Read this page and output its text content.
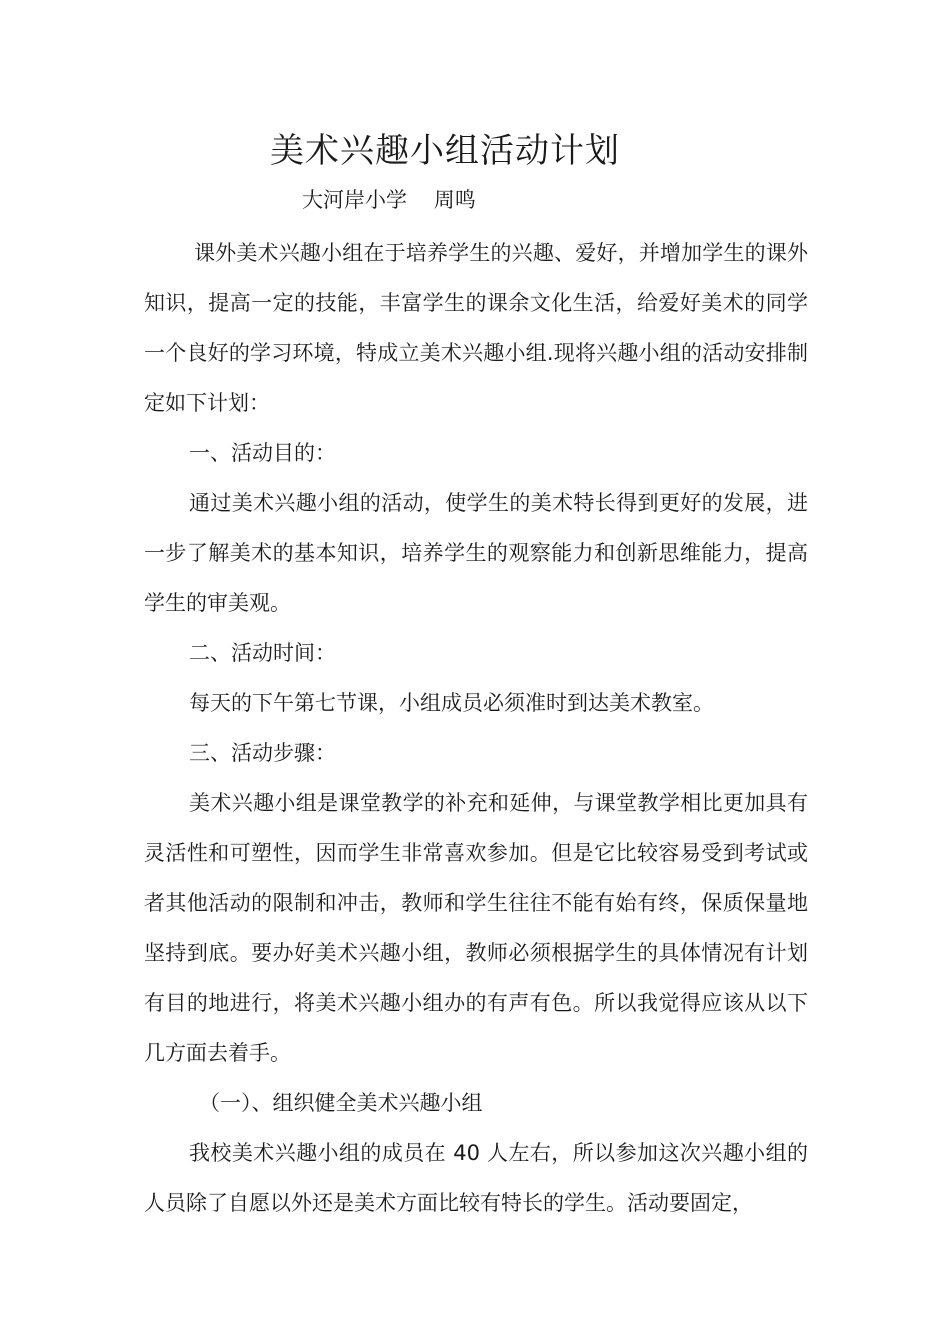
美术兴趣小组活动计划
大河岸小学    周鸣

课外美术兴趣小组在于培养学生的兴趣、爱好，并增加学生的课外知识，提高一定的技能，丰富学生的课余文化生活，给爱好美术的同学一个良好的学习环境，特成立美术兴趣小组.现将兴趣小组的活动安排制定如下计划：

一、活动目的：

通过美术兴趣小组的活动，使学生的美术特长得到更好的发展，进一步了解美术的基本知识，培养学生的观察能力和创新思维能力，提高学生的审美观。

二、活动时间：

每天的下午第七节课，小组成员必须准时到达美术教室。

三、活动步骤：

美术兴趣小组是课堂教学的补充和延伸，与课堂教学相比更加具有灵活性和可塑性，因而学生非常喜欢参加。但是它比较容易受到考试或者其他活动的限制和冲击，教师和学生往往不能有始有终，保质保量地坚持到底。要办好美术兴趣小组，教师必须根据学生的具体情况有计划有目的地进行，将美术兴趣小组办的有声有色。所以我觉得应该从以下几方面去着手。

（一）、组织健全美术兴趣小组

我校美术兴趣小组的成员在 40 人左右，所以参加这次兴趣小组的人员除了自愿以外还是美术方面比较有特长的学生。活动要固定，
